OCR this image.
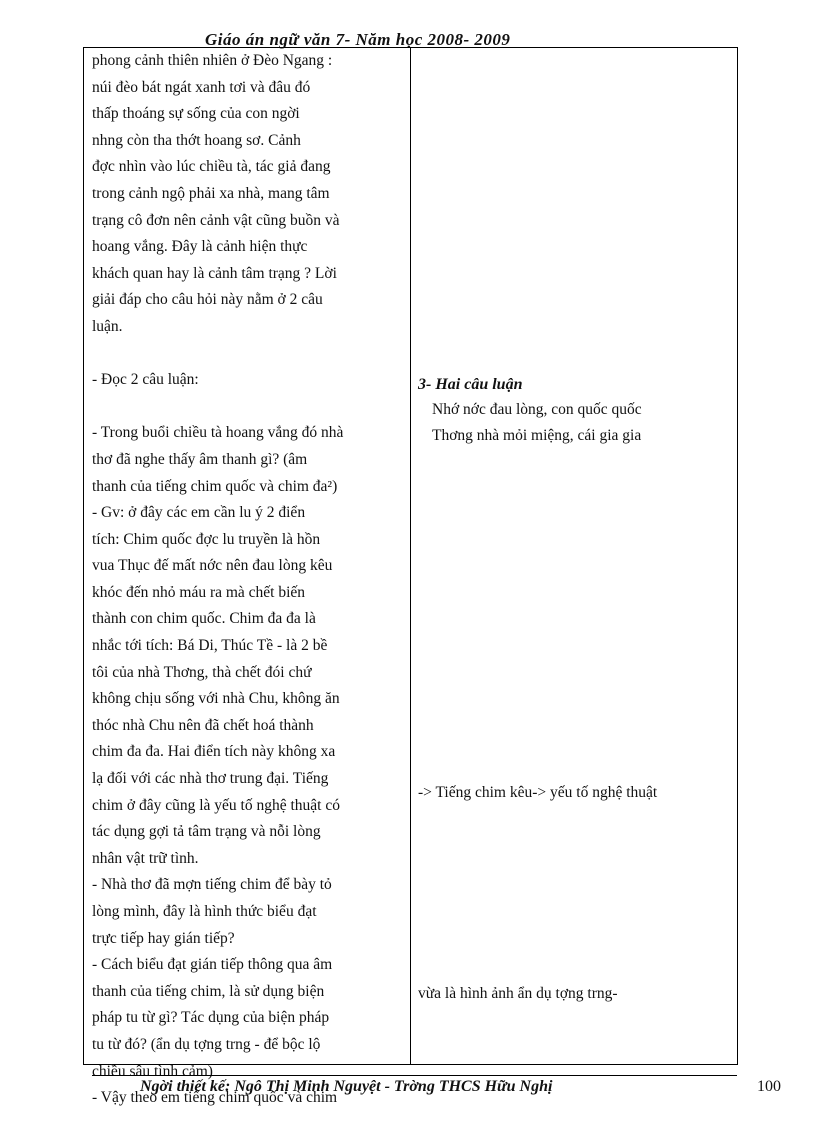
Giáo án ngữ văn 7- Năm học 2008- 2009
phong cảnh thiên nhiên ở Đèo Ngang :
núi đèo bát ngát xanh tơi và đâu đó
thấp thoáng sự sống của con ngời
nhng còn tha thớt hoang sơ. Cảnh
đợc nhìn vào lúc chiều tà, tác giả đang
trong cảnh ngộ phải xa nhà, mang tâm
trạng cô đơn nên cảnh vật cũng buồn và
hoang vắng. Đây là cảnh hiện thực
khách quan hay là cảnh tâm trạng ? Lời
giải đáp cho câu hỏi này nằm ở 2 câu
luận.
- Đọc 2 câu luận:
- Trong buổi chiều tà hoang vắng đó nhà
thơ đã nghe thấy âm thanh gì? (âm
thanh của tiếng chim quốc và chim đa²)
- Gv: ở đây các em cần lu ý 2 điển
tích: Chim quốc đợc lu truyền là hồn
vua Thục đế mất nớc nên đau lòng kêu
khóc đến nhỏ máu ra mà chết biến
thành con chim quốc. Chim đa đa là
nhắc tới tích: Bá Di, Thúc Tề - là 2 bề
tôi của nhà Thơng, thà chết đói chứ
không chịu sống với nhà Chu, không ăn
thóc nhà Chu nên đã chết hoá thành
chim đa đa. Hai điển tích này không xa
lạ đối với các nhà thơ trung đại. Tiếng
chim ở đây cũng là yếu tố nghệ thuật có
tác dụng gợi tả tâm trạng và nỗi lòng
nhân vật trữ tình.
- Nhà thơ đã mợn tiếng chim để bày tỏ
lòng mình, đây là hình thức biểu đạt
trực tiếp hay gián tiếp?
- Cách biểu đạt gián tiếp thông qua âm
thanh của tiếng chim, là sử dụng biện
pháp tu từ gì? Tác dụng của biện pháp
tu từ đó? (ẩn dụ tợng trng - để bộc lộ
chiều sâu tình cảm)
- Vậy theo em tiếng chim quốc và chim
3- Hai câu luận
Nhớ nớc đau lòng, con quốc quốc
Thơng nhà mỏi miệng, cái gia gia
-> Tiếng chim kêu-> yếu tố nghệ thuật
vừa là hình ảnh ẩn dụ tợng trng-
Ngời thiết kế: Ngô Thị Minh Nguyệt - Trờng THCS Hữu Nghị	100
